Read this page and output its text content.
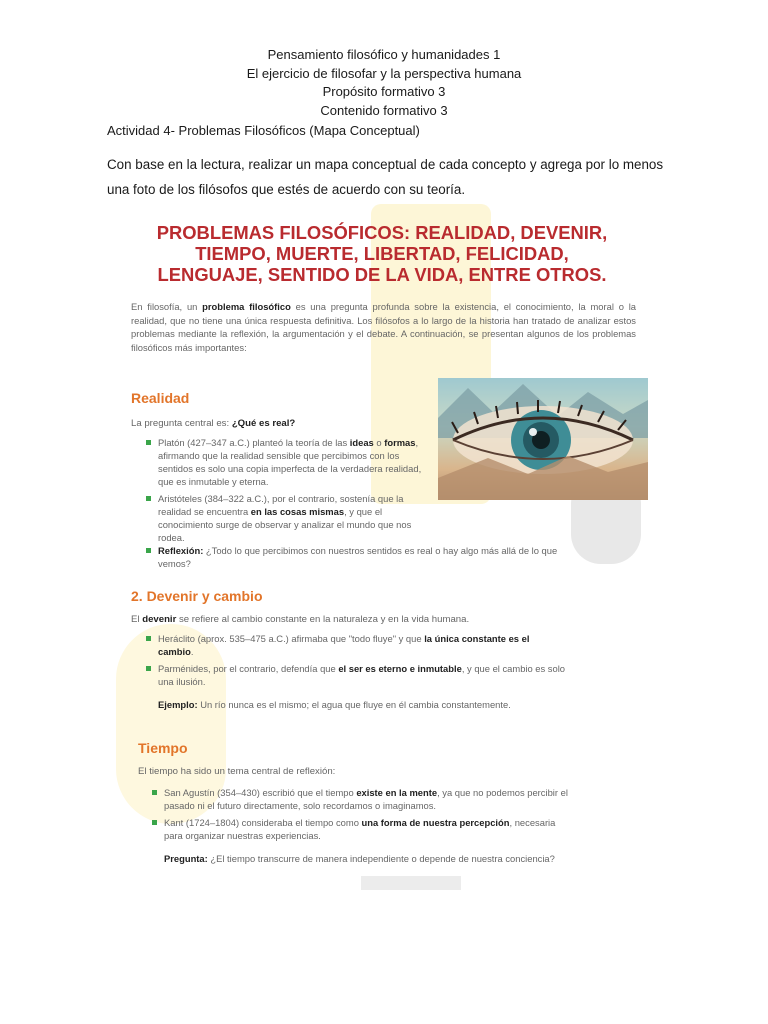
Pensamiento filosófico y humanidades 1
El ejercicio de filosofar y la perspectiva humana
Propósito formativo 3
Contenido formativo 3
Actividad 4- Problemas Filosóficos (Mapa Conceptual)
Con base en la lectura, realizar un mapa conceptual de cada concepto y agrega por lo menos una foto de los filósofos que estés de acuerdo con su teoría.
PROBLEMAS FILOSÓFICOS: REALIDAD, DEVENIR,
TIEMPO, MUERTE, LIBERTAD, FELICIDAD,
LENGUAJE, SENTIDO DE LA VIDA, ENTRE OTROS.
En filosofía, un problema filosófico es una pregunta profunda sobre la existencia, el conocimiento, la moral o la realidad, que no tiene una única respuesta definitiva. Los filósofos a lo largo de la historia han tratado de analizar estos problemas mediante la reflexión, la argumentación y el debate. A continuación, se presentan algunos de los problemas filosóficos más importantes:
Realidad
La pregunta central es: ¿Qué es real?
Platón (427–347 a.C.) planteó la teoría de las ideas o formas, afirmando que la realidad sensible que percibimos con los sentidos es solo una copia imperfecta de la verdadera realidad, que es inmutable y eterna.
Aristóteles (384–322 a.C.), por el contrario, sostenía que la realidad se encuentra en las cosas mismas, y que el conocimiento surge de observar y analizar el mundo que nos rodea.
Reflexión: ¿Todo lo que percibimos con nuestros sentidos es real o hay algo más allá de lo que vemos?
2. Devenir y cambio
El devenir se refiere al cambio constante en la naturaleza y en la vida humana.
Heráclito (aprox. 535–475 a.C.) afirmaba que "todo fluye" y que la única constante es el cambio.
Parménides, por el contrario, defendía que el ser es eterno e inmutable, y que el cambio es solo una ilusión.
Ejemplo: Un río nunca es el mismo; el agua que fluye en él cambia constantemente.
Tiempo
El tiempo ha sido un tema central de reflexión:
San Agustín (354–430) escribió que el tiempo existe en la mente, ya que no podemos percibir el pasado ni el futuro directamente, solo recordamos o imaginamos.
Kant (1724–1804) consideraba el tiempo como una forma de nuestra percepción, necesaria para organizar nuestras experiencias.
Pregunta: ¿El tiempo transcurre de manera independiente o depende de nuestra conciencia?
